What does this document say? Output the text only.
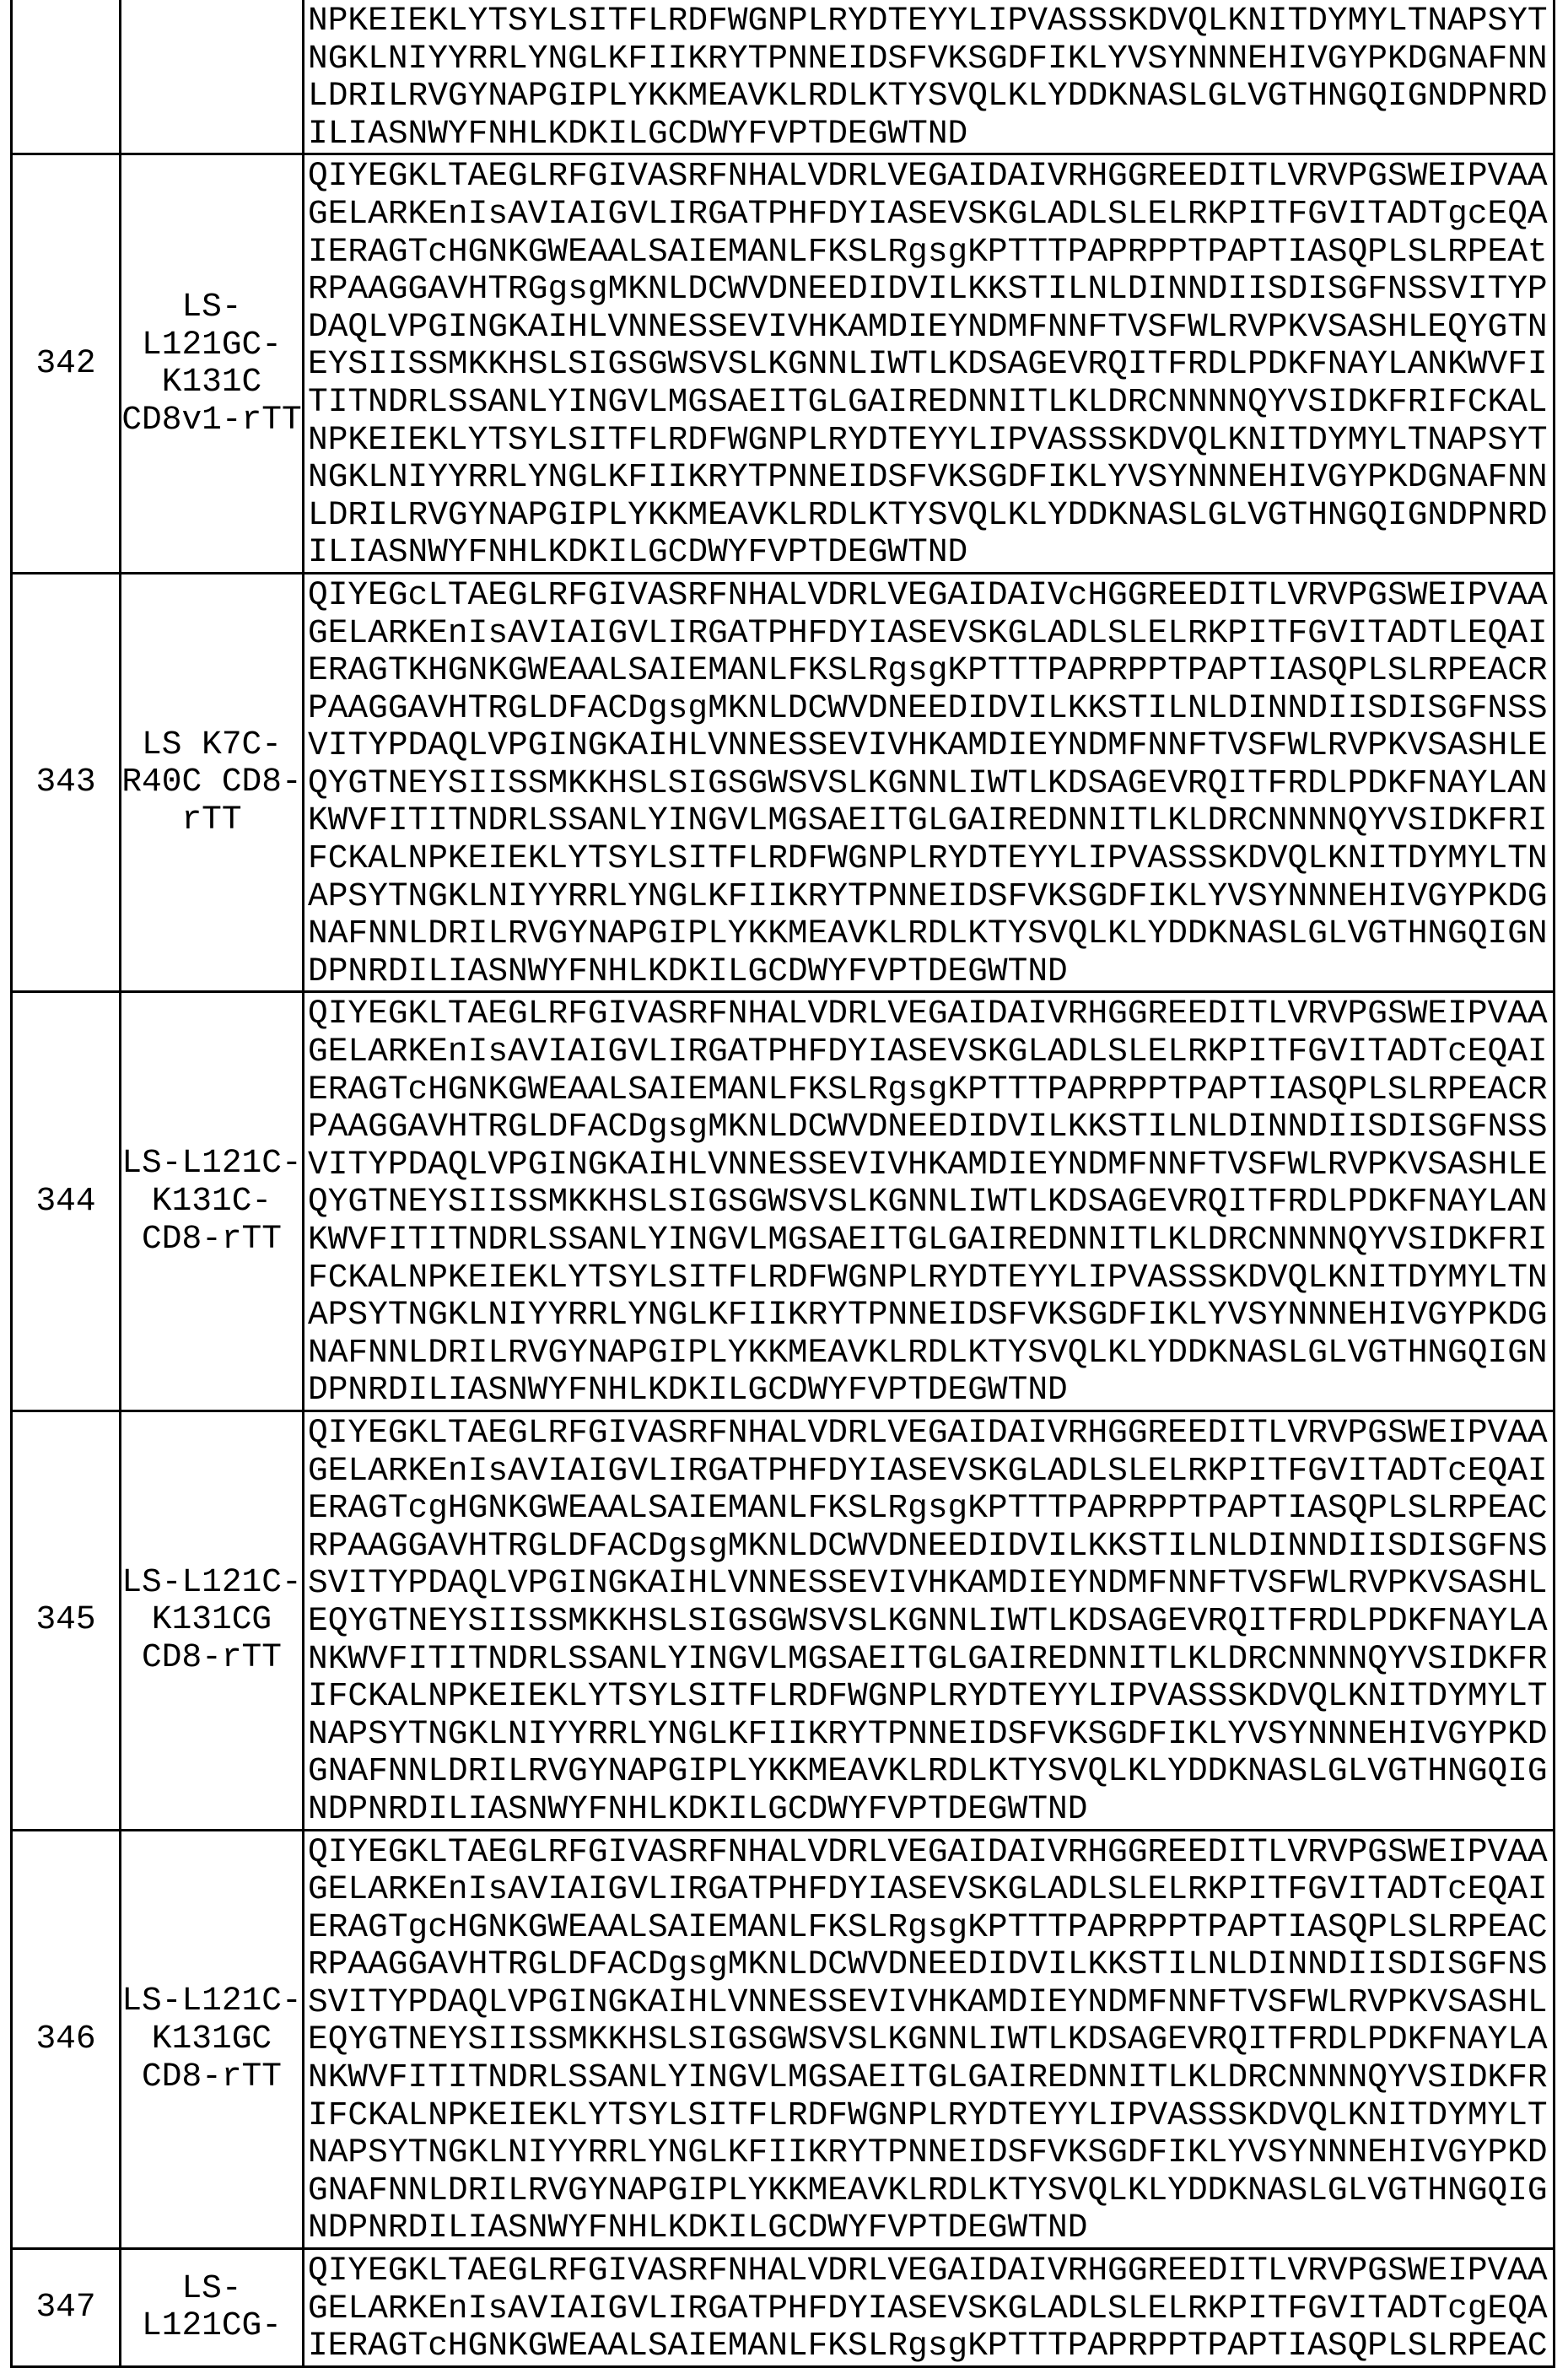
		NPKEIEKLYTSYLSITFLRDFWGNPLRYDTEYYLIPVASSSKDVQLKNITDYMYLTNAPSYT
NGKLNIYYRRLYNGLKFIIKRYTPNNEIDSFVKSGDFIKLYVSYNNNEHIVGYPKDGNAFNN
LDRILRVGYNAPGIPLYKKMEAVKLRDLKTYSVQLKLYDDKNASLGLVGTHNGQIGNDPNRD
ILIASNWYFNHLKDKILGCDWYFVPTDEGWTND
342	LS-
L121GC-
K131C
CD8v1-rTT	QIYEGKLTAEGLRFGIVASRFNHALVDRLVEGAIDAIVRHGGREEDITLVRVPGSWEIPVAA
GELARKEnIsAVIAIGVLIRGATPHFDYIASEVSKGLADLSLELRKPITFGVITADTgcEQA
IERAGTcHGNKGWEAALSAIEMANLFKSLRgsgKPTTTPAPRPPTPAPTIASQPLSLRPEAt
RPAAGGAVHTRGgsgMKNLDCWVDNEEDIDVILKKSTILNLDINNDIISDISGFNSSVITYP
DAQLVPGINGKAIHLVNNESSEVIVHKAMDIEYNDMFNNFTVSFWLRVPKVSASHLEQYGTN
EYSIISSMKKHSLSIGSGWSVSLKGNNLIWTLKDSAGEVRQITFRDLPDKFNAYLANKWVFI
TITNDRLSSANLYINGVLMGSAEITGLGAIREDNNITLKLDRCNNNNQYVSIDKFRIFCKAL
NPKEIEKLYTSYLSITFLRDFWGNPLRYDTEYYLIPVASSSKDVQLKNITDYMYLTNAPSYT
NGKLNIYYRRLYNGLKFIIKRYTPNNEIDSFVKSGDFIKLYVSYNNNEHIVGYPKDGNAFNN
LDRILRVGYNAPGIPLYKKMEAVKLRDLKTYSVQLKLYDDKNASLGLVGTHNGQIGNDPNRD
ILIASNWYFNHLKDKILGCDWYFVPTDEGWTND
343	LS K7C-
R40C CD8-
rTT	QIYEGcLTAEGLRFGIVASRFNHALVDRLVEGAIDAIVcHGGREEDITLVRVPGSWEIPVAA
GELARKEnIsAVIAIGVLIRGATPHFDYIASEVSKGLADLSLELRKPITFGVITADTLEQAI
ERAGTKHGNKGWEAALSAIEMANLFKSLRgsgKPTTTPAPRPPTPAPTIASQPLSLRPEACR
PAAGGAVHTRGLDFACDgsgMKNLDCWVDNEEDIDVILKKSTILNLDINNDIISDISGFNSS
VITYPDAQLVPGINGKAIHLVNNESSEVIVHKAMDIEYNDMFNNFTVSFWLRVPKVSASHLE
QYGTNEYSIISSMKKHSLSIGSGWSVSLKGNNLIWTLKDSAGEVRQITFRDLPDKFNAYLAN
KWVFITITNDRLSSANLYINGVLMGSAEITGLGAIREDNNITLKLDRCNNNNQYVSIDKFRI
FCKALNPKEIEKLYTSYLSITFLRDFWGNPLRYDTEYYLIPVASSSKDVQLKNITDYMYLTN
APSYTNGKLNIYYRRLYNGLKFIIKRYTPNNEIDSFVKSGDFIKLYVSYNNNEHIVGYPKDG
NAFNNLDRILRVGYNAPGIPLYKKMEAVKLRDLKTYSVQLKLYDDKNASLGLVGTHNGQIGN
DPNRDILIASNWYFNHLKDKILGCDWYFVPTDEGWTND
344	LS-L121C-
K131C-
CD8-rTT	QIYEGKLTAEGLRFGIVASRFNHALVDRLVEGAIDAIVRHGGREEDITLVRVPGSWEIPVAA
GELARKEnIsAVIAIGVLIRGATPHFDYIASEVSKGLADLSLELRKPITFGVITADTcEQAI
ERAGTcHGNKGWEAALSAIEMANLFKSLRgsgKPTTTPAPRPPTPAPTIASQPLSLRPEACR
PAAGGAVHTRGLDFACDgsgMKNLDCWVDNEEDIDVILKKSTILNLDINNDIISDISGFNSS
VITYPDAQLVPGINGKAIHLVNNESSEVIVHKAMDIEYNDMFNNFTVSFWLRVPKVSASHLE
QYGTNEYSIISSMKKHSLSIGSGWSVSLKGNNLIWTLKDSAGEVRQITFRDLPDKFNAYLAN
KWVFITITNDRLSSANLYINGVLMGSAEITGLGAIREDNNITLKLDRCNNNNQYVSIDKFRI
FCKALNPKEIEKLYTSYLSITFLRDFWGNPLRYDTEYYLIPVASSSKDVQLKNITDYMYLTN
APSYTNGKLNIYYRRLYNGLKFIIKRYTPNNEIDSFVKSGDFIKLYVSYNNNEHIVGYPKDG
NAFNNLDRILRVGYNAPGIPLYKKMEAVKLRDLKTYSVQLKLYDDKNASLGLVGTHNGQIGN
DPNRDILIASNWYFNHLKDKILGCDWYFVPTDEGWTND
345	LS-L121C-
K131CG
CD8-rTT	QIYEGKLTAEGLRFGIVASRFNHALVDRLVEGAIDAIVRHGGREEDITLVRVPGSWEIPVAA
GELARKEnIsAVIAIGVLIRGATPHFDYIASEVSKGLADLSLELRKPITFGVITADTcEQAI
ERAGTcgHGNKGWEAALSAIEMANLFKSLRgsgKPTTTPAPRPPTPAPTIASQPLSLRPEAC
RPAAGGAVHTRGLDFACDgsgMKNLDCWVDNEEDIDVILKKSTILNLDINNDIISDISGFNS
SVITYPDAQLVPGINGKAIHLVNNESSEVIVHKAMDIEYNDMFNNFTVSFWLRVPKVSASHL
EQYGTNEYSIISSMKKHSLSIGSGWSVSLKGNNLIWTLKDSAGEVRQITFRDLPDKFNAYLA
NKWVFITITNDRLSSANLYINGVLMGSAEITGLGAIREDNNITLKLDRCNNNNQYVSIDKFR
IFCKALNPKEIEKLYTSYLSITFLRDFWGNPLRYDTEYYLIPVASSSKDVQLKNITDYMYLT
NAPSYTNGKLNIYYRRLYNGLKFIIKRYTPNNEIDSFVKSGDFIKLYVSYNNNEHIVGYPKD
GNAFNNLDRILRVGYNAPGIPLYKKMEAVKLRDLKTYSVQLKLYDDKNASLGLVGTHNGQIG
NDPNRDILIASNWYFNHLKDKILGCDWYFVPTDEGWTND
346	LS-L121C-
K131GC
CD8-rTT	QIYEGKLTAEGLRFGIVASRFNHALVDRLVEGAIDAIVRHGGREEDITLVRVPGSWEIPVAA
GELARKEnIsAVIAIGVLIRGATPHFDYIASEVSKGLADLSLELRKPITFGVITADTcEQAI
ERAGTgcHGNKGWEAALSAIEMANLFKSLRgsgKPTTTPAPRPPTPAPTIASQPLSLRPEAC
RPAAGGAVHTRGLDFACDgsgMKNLDCWVDNEEDIDVILKKSTILNLDINNDIISDISGFNS
SVITYPDAQLVPGINGKAIHLVNNESSEVIVHKAMDIEYNDMFNNFTVSFWLRVPKVSASHL
EQYGTNEYSIISSMKKHSLSIGSGWSVSLKGNNLIWTLKDSAGEVRQITFRDLPDKFNAYLA
NKWVFITITNDRLSSANLYINGVLMGSAEITGLGAIREDNNITLKLDRCNNNNQYVSIDKFR
IFCKALNPKEIEKLYTSYLSITFLRDFWGNPLRYDTEYYLIPVASSSKDVQLKNITDYMYLT
NAPSYTNGKLNIYYRRLYNGLKFIIKRYTPNNEIDSFVKSGDFIKLYVSYNNNEHIVGYPKD
GNAFNNLDRILRVGYNAPGIPLYKKMEAVKLRDLKTYSVQLKLYDDKNASLGLVGTHNGQIG
NDPNRDILIASNWYFNHLKDKILGCDWYFVPTDEGWTND
347	LS-
L121CG-	QIYEGKLTAEGLRFGIVASRFNHALVDRLVEGAIDAIVRHGGREEDITLVRVPGSWEIPVAA
GELARKEnIsAVIAIGVLIRGATPHFDYIASEVSKGLADLSLELRKPITFGVITADTcgEQA
IERAGTcHGNKGWEAALSAIEMANLFKSLRgsgKPTTTPAPRPPTPAPTIASQPLSLRPEAC
